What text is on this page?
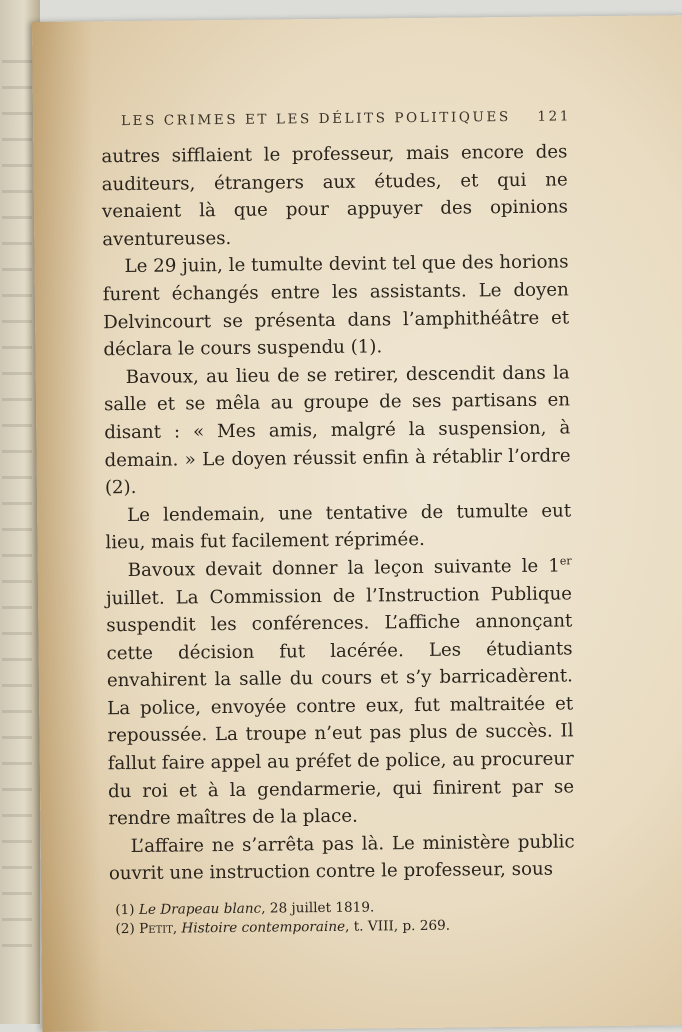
LES CRIMES ET LES DÉLITS POLITIQUES 121

autres sifflaient le professeur, mais encore des auditeurs, étrangers aux études, et qui ne venaient là que pour appuyer des opinions aventureuses.

Le 29 juin, le tumulte devint tel que des horions furent échangés entre les assistants. Le doyen Delvincourt se présenta dans l’amphithéâtre et déclara le cours suspendu (1).

Bavoux, au lieu de se retirer, descendit dans la salle et se mêla au groupe de ses partisans en disant : « Mes amis, malgré la suspension, à demain. » Le doyen réussit enfin à rétablir l’ordre (2).

Le lendemain, une tentative de tumulte eut lieu, mais fut facilement réprimée.

Bavoux devait donner la leçon suivante le 1er juillet. La Commission de l’Instruction Publique suspendit les conférences. L’affiche annonçant cette décision fut lacérée. Les étudiants envahirent la salle du cours et s’y barricadèrent. La police, envoyée contre eux, fut maltraitée et repoussée. La troupe n’eut pas plus de succès. Il fallut faire appel au préfet de police, au procureur du roi et à la gendarmerie, qui finirent par se rendre maîtres de la place.

L’affaire ne s’arrêta pas là. Le ministère public ouvrit une instruction contre le professeur, sous

(1) Le Drapeau blanc, 28 juillet 1819.
(2) Petit, Histoire contemporaine, t. VIII, p. 269.
